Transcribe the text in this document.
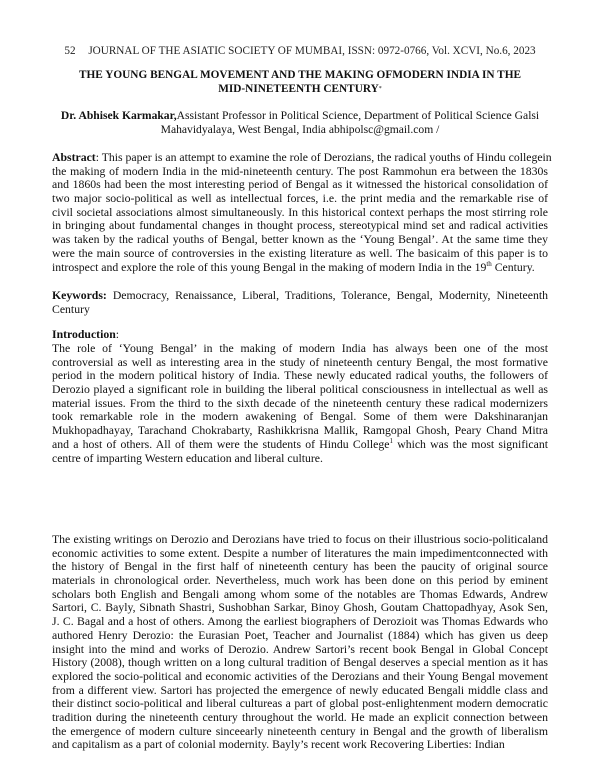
52 JOURNAL OF THE ASIATIC SOCIETY OF MUMBAI, ISSN: 0972-0766, Vol. XCVI, No.6, 2023
THE YOUNG BENGAL MOVEMENT AND THE MAKING OFMODERN INDIA IN THE
MID-NINETEENTH CENTURY*
Dr. Abhisek Karmakar,Assistant Professor in Political Science, Department of Political Science Galsi
Mahavidyalaya, West Bengal, India abhipolsc@gmail.com /
Abstract: This paper is an attempt to examine the role of Derozians, the radical youths of Hindu collegein
the making of modern India in the mid-nineteenth century. The post Rammohun era between the 1830s
and 1860s had been the most interesting period of Bengal as it witnessed the historical consolidation of
two major socio-political as well as intellectual forces, i.e. the print media and the remarkable rise of
civil societal associations almost simultaneously. In this historical context perhaps the most stirring role
in bringing about fundamental changes in thought process, stereotypical mind set and radical activities
was taken by the radical youths of Bengal, better known as the ‘Young Bengal’. At the same time they
were the main source of controversies in the existing literature as well. The basicaim of this paper is to
introspect and explore the role of this young Bengal in the making of modern India in the 19th Century.
Keywords: Democracy, Renaissance, Liberal, Traditions, Tolerance, Bengal, Modernity, Nineteenth
Century
Introduction:
The role of ‘Young Bengal’ in the making of modern India has always been one of the most
controversial as well as interesting area in the study of nineteenth century Bengal, the most formative
period in the modern political history of India. These newly educated radical youths, the followers of
Derozio played a significant role in building the liberal political consciousness in intellectual as well as
material issues. From the third to the sixth decade of the nineteenth century these radical modernizers
took remarkable role in the modern awakening of Bengal. Some of them were Dakshinaranjan
Mukhopadhayay, Tarachand Chokrabarty, Rashikkrisna Mallik, Ramgopal Ghosh, Peary Chand Mitra
and a host of others. All of them were the students of Hindu College$^1$ which was the most significant
centre of imparting Western education and liberal culture.
The existing writings on Derozio and Derozians have tried to focus on their illustrious socio-politicaland
economic activities to some extent. Despite a number of literatures the main impedimentconnected with
the history of Bengal in the first half of nineteenth century has been the paucity of original source
materials in chronological order. Nevertheless, much work has been done on this period by eminent
scholars both English and Bengali among whom some of the notables are Thomas Edwards, Andrew
Sartori, C. Bayly, Sibnath Shastri, Sushobhan Sarkar, Binoy Ghosh, Goutam Chattopadhyay, Asok Sen,
J. C. Bagal and a host of others. Among the earliest biographers of Derozioit was Thomas Edwards who
authored Henry Derozio: the Eurasian Poet, Teacher and Journalist (1884) which has given us deep
insight into the mind and works of Derozio. Andrew Sartori’s recent book Bengal in Global Concept
History (2008), though written on a long cultural tradition of Bengal deserves a special mention as it has
explored the socio-political and economic activities of the Derozians and their Young Bengal movement
from a different view. Sartori has projected the emergence of newly educated Bengali middle class and
their distinct socio-political and liberal cultureas a part of global post-enlightenment modern democratic
tradition during the nineteenth century throughout the world. He made an explicit connection between
the emergence of modern culture sinceearly nineteenth century in Bengal and the growth of liberalism
and capitalism as a part of colonial modernity. Bayly’s recent work Recovering Liberties: Indian
